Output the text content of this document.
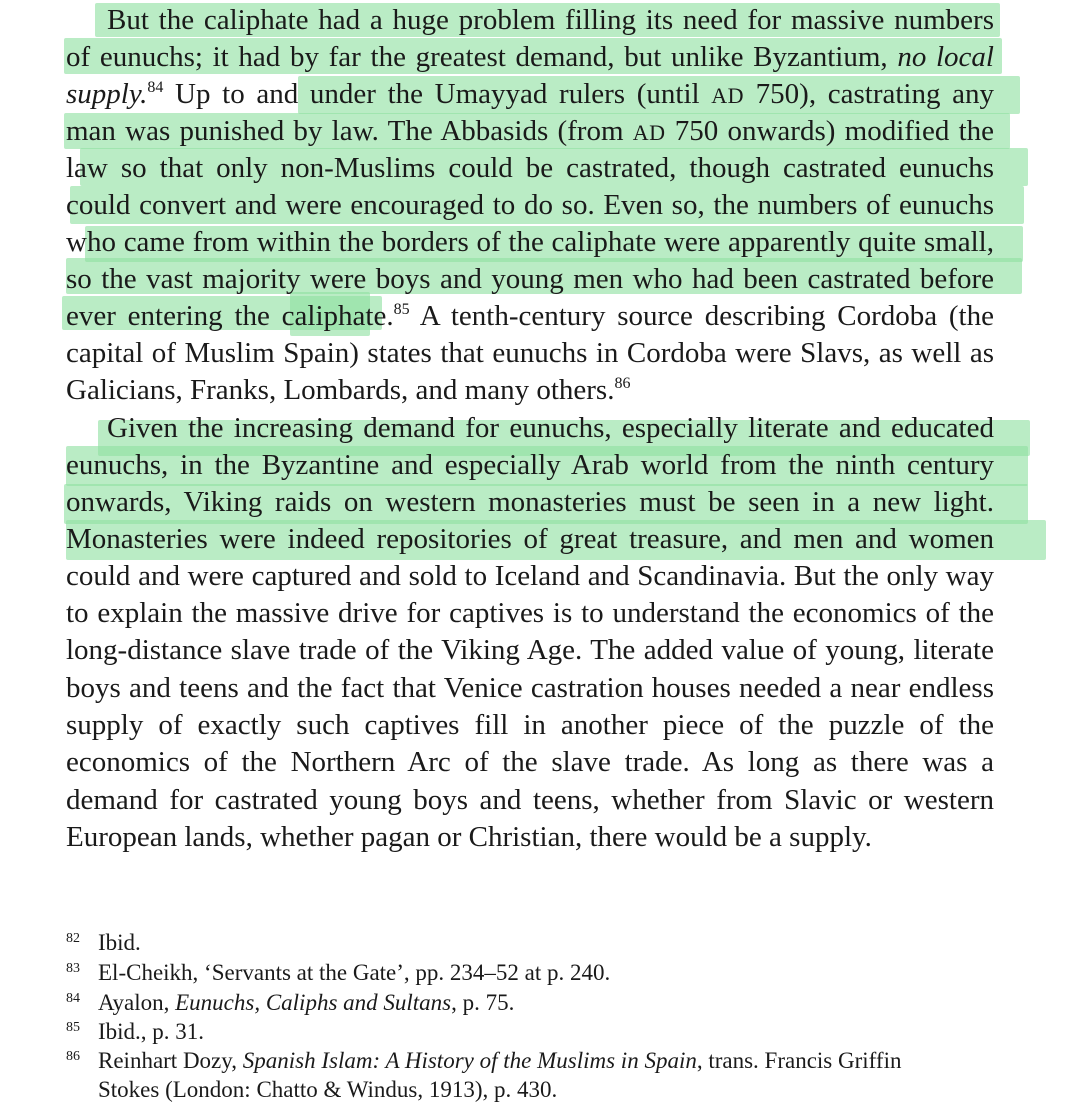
But the caliphate had a huge problem filling its need for massive numbers
of eunuchs; it had by far the greatest demand, but unlike Byzantium, no local
supply.$^{84}$ Up to and under the Umayyad rulers (until AD 750), castrating any
man was punished by law. The Abbasids (from AD 750 onwards) modified the
law so that only non-Muslims could be castrated, though castrated eunuchs
could convert and were encouraged to do so. Even so, the numbers of eunuchs
who came from within the borders of the caliphate were apparently quite small,
so the vast majority were boys and young men who had been castrated before
ever entering the caliphate.$^{85}$ A tenth-century source describing Cordoba (the
capital of Muslim Spain) states that eunuchs in Cordoba were Slavs, as well as
Galicians, Franks, Lombards, and many others.$^{86}$
Given the increasing demand for eunuchs, especially literate and educated
eunuchs, in the Byzantine and especially Arab world from the ninth century
onwards, Viking raids on western monasteries must be seen in a new light.
Monasteries were indeed repositories of great treasure, and men and women
could and were captured and sold to Iceland and Scandinavia. But the only way
to explain the massive drive for captives is to understand the economics of the
long-distance slave trade of the Viking Age. The added value of young, literate
boys and teens and the fact that Venice castration houses needed a near endless
supply of exactly such captives fill in another piece of the puzzle of the
economics of the Northern Arc of the slave trade. As long as there was a
demand for castrated young boys and teens, whether from Slavic or western
European lands, whether pagan or Christian, there would be a supply.
82 Ibid.
83 El-Cheikh, ‘Servants at the Gate’, pp. 234–52 at p. 240.
84 Ayalon, Eunuchs, Caliphs and Sultans, p. 75.
85 Ibid., p. 31.
86 Reinhart Dozy, Spanish Islam: A History of the Muslims in Spain, trans. Francis Griffin
Stokes (London: Chatto & Windus, 1913), p. 430.
